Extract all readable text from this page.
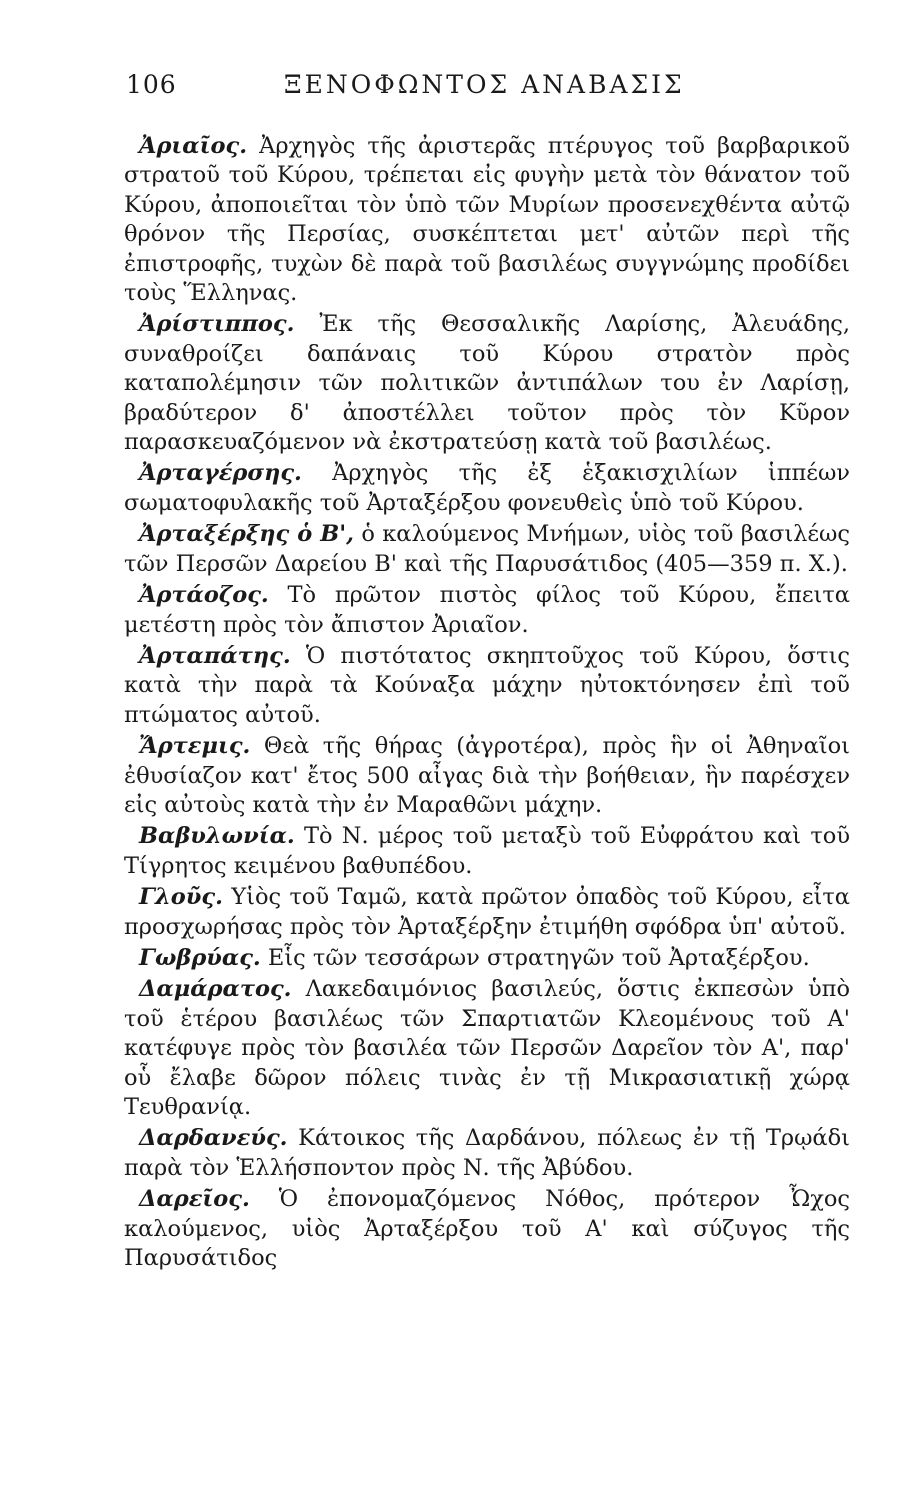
106	ΞΕΝΟΦΩΝΤΟΣ ΑΝΑΒΑΣΙΣ

Ἀριαῖος. Ἀρχηγὸς τῆς ἀριστερᾶς πτέρυγος τοῦ βαρβαρικοῦ στρατοῦ τοῦ Κύρου, τρέπεται εἰς φυγὴν μετὰ τὸν θάνατον τοῦ Κύρου, ἀποποιεῖται τὸν ὑπὸ τῶν Μυρίων προσενεχθέντα αὐτῷ θρόνον τῆς Περσίας, συσκέπτεται μετ' αὐτῶν περὶ τῆς ἐπιστροφῆς, τυχὼν δὲ παρὰ τοῦ βασιλέως συγγνώμης προδίδει τοὺς Ἕλληνας.

Ἀρίστιππος. Ἐκ τῆς Θεσσαλικῆς Λαρίσης, Ἀλευάδης, συναθροίζει δαπάναις τοῦ Κύρου στρατὸν πρὸς καταπολέμησιν τῶν πολιτικῶν ἀντιπάλων του ἐν Λαρίσῃ, βραδύτερον δ' ἀποστέλλει τοῦτον πρὸς τὸν Κῦρον παρασκευαζόμενον νὰ ἐκστρατεύσῃ κατὰ τοῦ βασιλέως.

Ἀρταγέρσης. Ἀρχηγὸς τῆς ἐξ ἑξακισχιλίων ἱππέων σωματοφυλακῆς τοῦ Ἀρταξέρξου φονευθεὶς ὑπὸ τοῦ Κύρου.

Ἀρταξέρξης ὁ Β', ὁ καλούμενος Μνήμων, υἱὸς τοῦ βασιλέως τῶν Περσῶν Δαρείου Β' καὶ τῆς Παρυσάτιδος (405—359 π. Χ.).

Ἀρτάοζος. Τὸ πρῶτον πιστὸς φίλος τοῦ Κύρου, ἔπειτα μετέστη πρὸς τὸν ἄπιστον Ἀριαῖον.

Ἀρταπάτης. Ὁ πιστότατος σκηπτοῦχος τοῦ Κύρου, ὅστις κατὰ τὴν παρὰ τὰ Κούναξα μάχην ηὐτοκτόνησεν ἐπὶ τοῦ πτώματος αὐτοῦ.

Ἄρτεμις. Θεὰ τῆς θήρας (ἀγροτέρα), πρὸς ἣν οἱ Ἀθηναῖοι ἐθυσίαζον κατ' ἔτος 500 αἶγας διὰ τὴν βοήθειαν, ἣν παρέσχεν εἰς αὐτοὺς κατὰ τὴν ἐν Μαραθῶνι μάχην.

Βαβυλωνία. Τὸ Ν. μέρος τοῦ μεταξὺ τοῦ Εὐφράτου καὶ τοῦ Τίγρητος κειμένου βαθυπέδου.

Γλοῦς. Υἱὸς τοῦ Ταμῶ, κατὰ πρῶτον ὀπαδὸς τοῦ Κύρου, εἶτα προσχωρήσας πρὸς τὸν Ἀρταξέρξην ἐτιμήθη σφόδρα ὑπ' αὐτοῦ.

Γωβρύας. Εἷς τῶν τεσσάρων στρατηγῶν τοῦ Ἀρταξέρξου.

Δαμάρατος. Λακεδαιμόνιος βασιλεύς, ὅστις ἐκπεσὼν ὑπὸ τοῦ ἑτέρου βασιλέως τῶν Σπαρτιατῶν Κλεομένους τοῦ Α' κατέφυγε πρὸς τὸν βασιλέα τῶν Περσῶν Δαρεῖον τὸν Α', παρ' οὗ ἔλαβε δῶρον πόλεις τινὰς ἐν τῇ Μικρασιατικῇ χώρᾳ Τευθρανίᾳ.

Δαρδανεύς. Κάτοικος τῆς Δαρδάνου, πόλεως ἐν τῇ Τρῳάδι παρὰ τὸν Ἑλλήσποντον πρὸς Ν. τῆς Ἀβύδου.

Δαρεῖος. Ὁ ἐπονομαζόμενος Νόθος, πρότερον Ὦχος καλούμενος, υἱὸς Ἀρταξέρξου τοῦ Α' καὶ σύζυγος τῆς Παρυσάτιδος
